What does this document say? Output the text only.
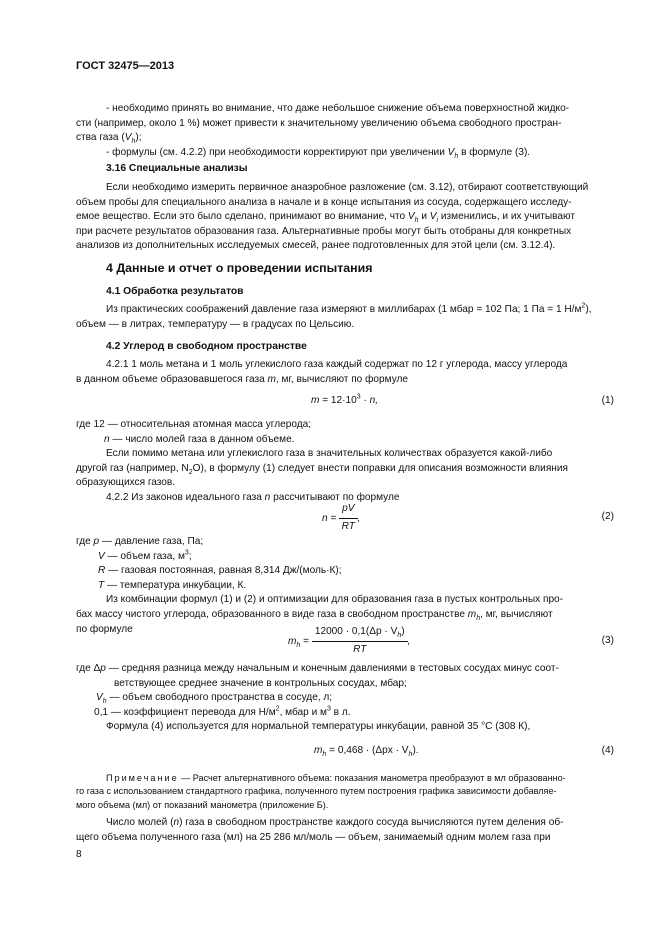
ГОСТ 32475—2013

- необходимо принять во внимание, что даже небольшое снижение объема поверхностной жидко-

сти (например, около 1 %) может привести к значительному увеличению объема свободного простран-

ства газа $(V_h)$;

- формулы (см. 4.2.2) при необходимости корректируют при увеличении $V_h$ в формуле (3).

3.16 Специальные анализы

Если необходимо измерить первичное анаэробное разложение (см. 3.12), отбирают соответствующий

объем пробы для специального анализа в начале и в конце испытания из сосуда, содержащего исследу-

емое вещество. Если это было сделано, принимают во внимание, что $V_h$ и $V_i$ изменились, и их учитывают

при расчете результатов образования газа. Альтернативные пробы могут быть отобраны для конкретных

анализов из дополнительных исследуемых смесей, ранее подготовленных для этой цели (см. 3.12.4).

4 Данные и отчет о проведении испытания
4.1 Обработка результатов

Из практических соображений давление газа измеряют в миллибарах (1 мбар = 102 Па; 1 Па = 1 $Н/м^2$),

объем — в литрах, температуру — в градусах по Цельсию.

4.2 Углерод в свободном пространстве

4.2.1 1 моль метана и 1 моль углекислого газа каждый содержат по 12 г углерода, массу углерода

в данном объеме образовавшегося газа m, мг, вычисляют по формуле

$m = 12\cdot 10^3 \cdot n$,	(1)

где 12 — относительная атомная масса углерода;

n — число молей газа в данном объеме.

Если помимо метана или углекислого газа в значительных количествах образуется какой-либо

другой газ (например, $N_2O$), в формулу (1) следует внести поправки для описания возможности влияния

образующихся газов.

4.2.2 Из законов идеального газа n рассчитывают по формуле

$n = \frac{pV}{RT}$ ,	(2)

где p — давление газа, Па;

V — объем газа, $м^3$;

R — газовая постоянная, равная 8,314 Дж/(моль·К);

T — температура инкубации, К.

Из комбинации формул (1) и (2) и оптимизации для образования газа в пустых контрольных про-

бах массу чистого углерода, образованного в виде газа в свободном пространстве $m_h$, мг, вычисляют

по формуле

$m_h = \frac{12000 \cdot 0,1(\Delta p \cdot V_h)}{RT}$ ,	(3)

где Δp — средняя разница между начальным и конечным давлениями в тестовых сосудах минус соот-

ветствующее среднее значение в контрольных сосудах, мбар;

$V_h$ — объем свободного пространства в сосуде, л;

0,1 — коэффициент перевода для $Н/м^2$, мбар и $м^3$ в л.

Формула (4) используется для нормальной температуры инкубации, равной 35 °С (308 К),

$m_h = 0,468 \cdot (\Delta px \cdot V_h)$.	(4)

Примечание — Расчет альтернативного объема: показания манометра преобразуют в мл образованно-

го газа с использованием стандартного графика, полученного путем построения графика зависимости добавляе-

мого объема (мл) от показаний манометра (приложение Б).

Число молей (n) газа в свободном пространстве каждого сосуда вычисляются путем деления об-

щего объема полученного газа (мл) на 25 286 мл/моль — объем, занимаемый одним молем газа при

8
